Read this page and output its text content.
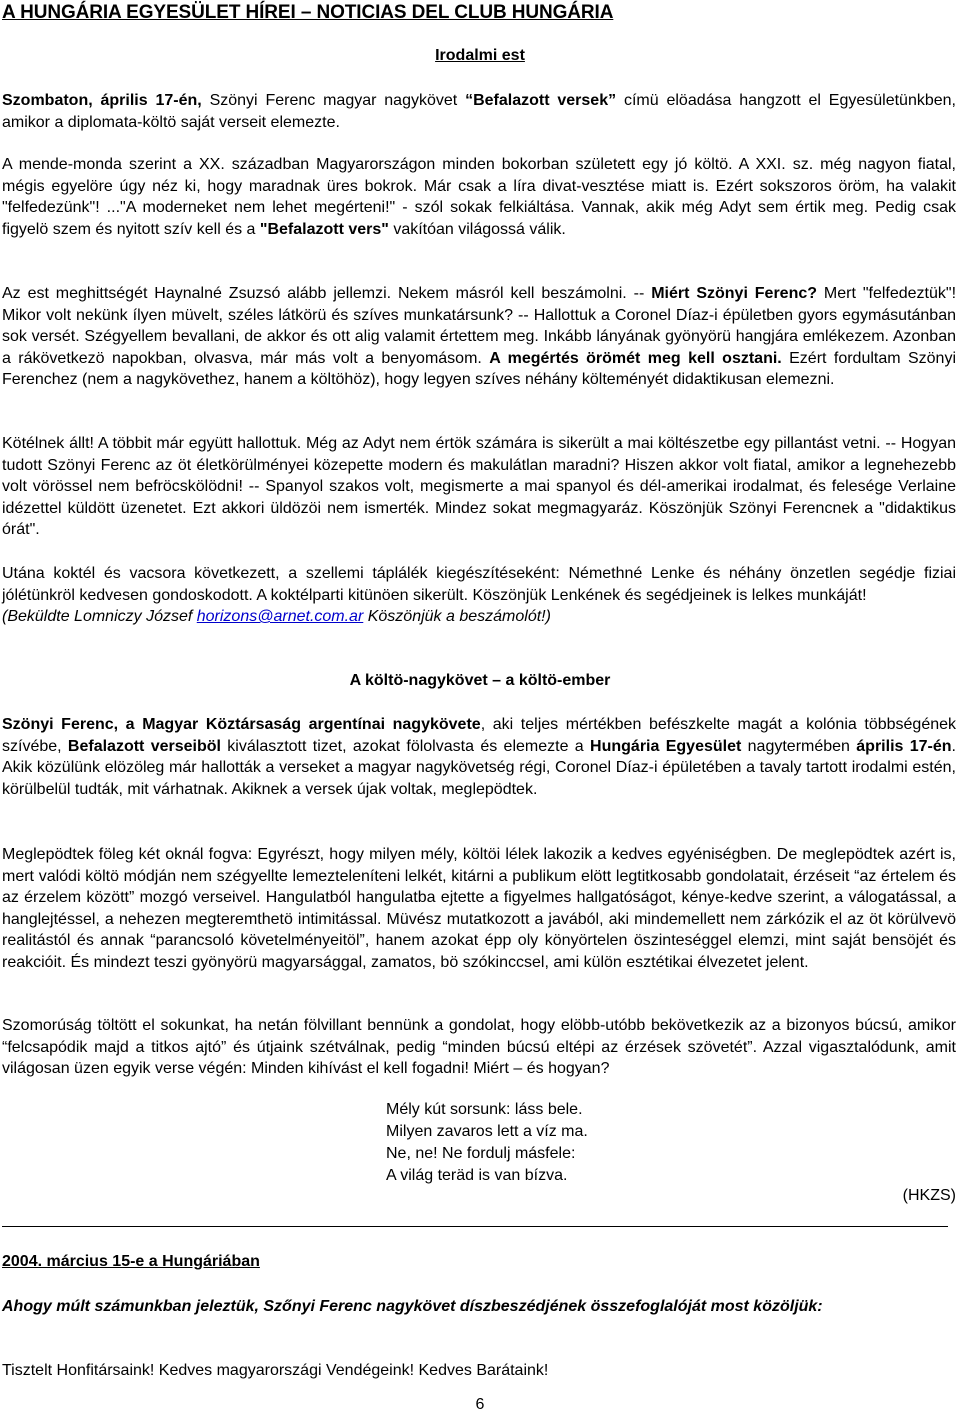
A HUNGÁRIA EGYESÜLET HÍREI – NOTICIAS DEL CLUB HUNGÁRIA
Irodalmi est
Szombaton, április 17-én, Szönyi Ferenc magyar nagykövet “Befalazott versek” címü elöadása hangzott el Egyesületünkben, amikor a diplomata-költö saját verseit elemezte.
A mende-monda szerint a XX. században Magyarországon minden bokorban született egy jó költö. A XXI. sz. még nagyon fiatal, mégis egyelöre úgy néz ki, hogy maradnak üres bokrok. Már csak a líra divat-vesztése miatt is. Ezért sokszoros öröm, ha valakit "felfedezünk"! ..."A moderneket nem lehet megérteni!" - szól sokak felkiáltása. Vannak, akik még Adyt sem értik meg. Pedig csak figyelö szem és nyitott szív kell és a "Befalazott vers" vakítóan világossá válik.
Az est meghittségét Haynalné Zsuzsó alább jellemzi. Nekem másról kell beszámolni. -- Miért Szönyi Ferenc? Mert "felfedeztük"! Mikor volt nekünk ílyen müvelt, széles látkörü és szíves munkatársunk? -- Hallottuk a Coronel Díaz-i épületben gyors egymásutánban sok versét. Szégyellem bevallani, de akkor és ott alig valamit értettem meg. Inkább lányának gyönyörü hangjára emlékezem. Azonban a rákövetkezö napokban, olvasva, már más volt a benyomásom. A megértés örömét meg kell osztani. Ezért fordultam Szönyi Ferenchez (nem a nagykövethez, hanem a költöhöz), hogy legyen szíves néhány költeményét didaktikusan elemezni.
Kötélnek állt! A többit már együtt hallottuk. Még az Adyt nem értök számára is sikerült a mai költészetbe egy pillantást vetni. -- Hogyan tudott Szönyi Ferenc az öt életkörülményei közepette modern és makulátlan maradni? Hiszen akkor volt fiatal, amikor a legnehezebb volt vörössel nem befröcskölödni! -- Spanyol szakos volt, megismerte a mai spanyol és dél-amerikai irodalmat, és felesége Verlaine idézettel küldött üzenetet. Ezt akkori üldözöi nem ismerték. Mindez sokat megmagyaráz. Köszönjük Szönyi Ferencnek a "didaktikus órát".

Utána koktél és vacsora következett, a szellemi táplálék kiegészítéseként: Némethné Lenke és néhány önzetlen segédje fiziai jólétünkröl kedvesen gondoskodott. A koktélparti kitünöen sikerült. Köszönjük Lenkének és segédjeinek is lelkes munkáját!

(Beküldte Lomniczy József horizons@arnet.com.ar Köszönjük a beszámolót!)

A költö-nagykövet – a költö-ember
Szönyi Ferenc, a Magyar Köztársaság argentínai nagykövete, aki teljes mértékben befészkelte magát a kolónia többségének szívébe, Befalazott verseiböl kiválasztott tizet, azokat fölolvasta és elemezte a Hungária Egyesület nagytermében április 17-én. Akik közülünk elözöleg már hallották a verseket a magyar nagykövetség régi, Coronel Díaz-i épületében a tavaly tartott irodalmi estén, körülbelül tudták, mit várhatnak. Akiknek a versek újak voltak, meglepödtek.
Meglepödtek föleg két oknál fogva: Egyrészt, hogy milyen mély, költöi lélek lakozik a kedves egyéniségben. De meglepödtek azért is, mert valódi költö módján nem szégyellte lemezteleníteni lelkét, kitárni a publikum elött legtitkosabb gondolatait, érzéseit “az értelem és az érzelem között” mozgó verseivel. Hangulatból hangulatba ejtette a figyelmes hallgatóságot, kénye-kedve szerint, a válogatással, a hanglejtéssel, a nehezen megteremthetö intimitással. Müvész mutatkozott a javából, aki mindemellett nem zárkózik el az öt körülvevö realitástól és annak “parancsoló követelményeitöl”, hanem azokat épp oly könyörtelen öszinteséggel elemzi, mint saját bensöjét és reakcióit. És mindezt teszi gyönyörü magyarsággal, zamatos, bö szókinccsel, ami külön esztétikai élvezetet jelent.
Szomorúság töltött el sokunkat, ha netán fölvillant bennünk a gondolat, hogy elöbb-utóbb bekövetkezik az a bizonyos búcsú, amikor “felcsapódik majd a titkos ajtó” és útjaink szétválnak, pedig “minden búcsú eltépi az érzések szövetét”. Azzal vigasztalódunk, amit világosan üzen egyik verse végén: Minden kihívást el kell fogadni! Miért – és hogyan?
Mély kút sorsunk: láss bele.
Milyen zavaros lett a víz ma.
Ne, ne! Ne fordulj másfele:
A világ teräd is van bízva.
(HKZS)
2004. március 15-e a Hungáriában
Ahogy múlt számunkban jeleztük, Szőnyi Ferenc nagykövet díszbeszédjének összefoglalóját most közöljük:
Tisztelt Honfitársaink! Kedves magyarországi Vendégeink! Kedves Barátaink!
6
